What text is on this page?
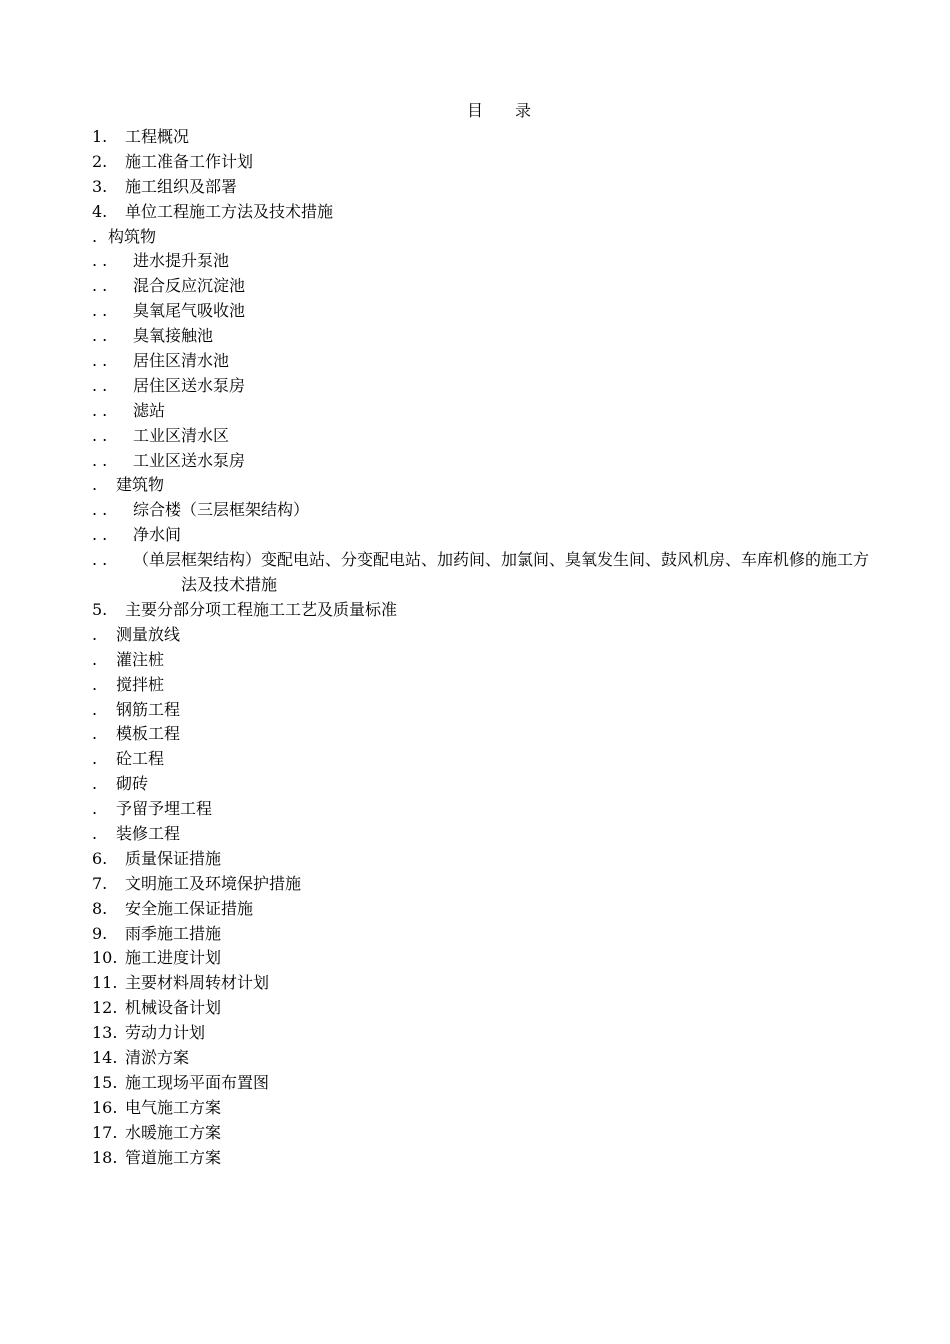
目　　录
1. 工程概况
2. 施工准备工作计划
3. 施工组织及部署
4. 单位工程施工方法及技术措施
. 构筑物
. . 进水提升泵池
. . 混合反应沉淀池
. . 臭氧尾气吸收池
. . 臭氧接触池
. . 居住区清水池
. . 居住区送水泵房
. . 滤站
. . 工业区清水区
. . 工业区送水泵房
. 建筑物
. . 综合楼（三层框架结构）
. . 净水间
. . （单层框架结构）变配电站、分变配电站、加药间、加氯间、臭氧发生间、鼓风机房、车库机修的施工方
法及技术措施
5. 主要分部分项工程施工工艺及质量标准
. 测量放线
. 灌注桩
. 搅拌桩
. 钢筋工程
. 模板工程
. 砼工程
. 砌砖
. 予留予埋工程
. 装修工程
6. 质量保证措施
7. 文明施工及环境保护措施
8. 安全施工保证措施
9. 雨季施工措施
10. 施工进度计划
11. 主要材料周转材计划
12. 机械设备计划
13. 劳动力计划
14. 清淤方案
15. 施工现场平面布置图
16. 电气施工方案
17. 水暖施工方案
18. 管道施工方案
